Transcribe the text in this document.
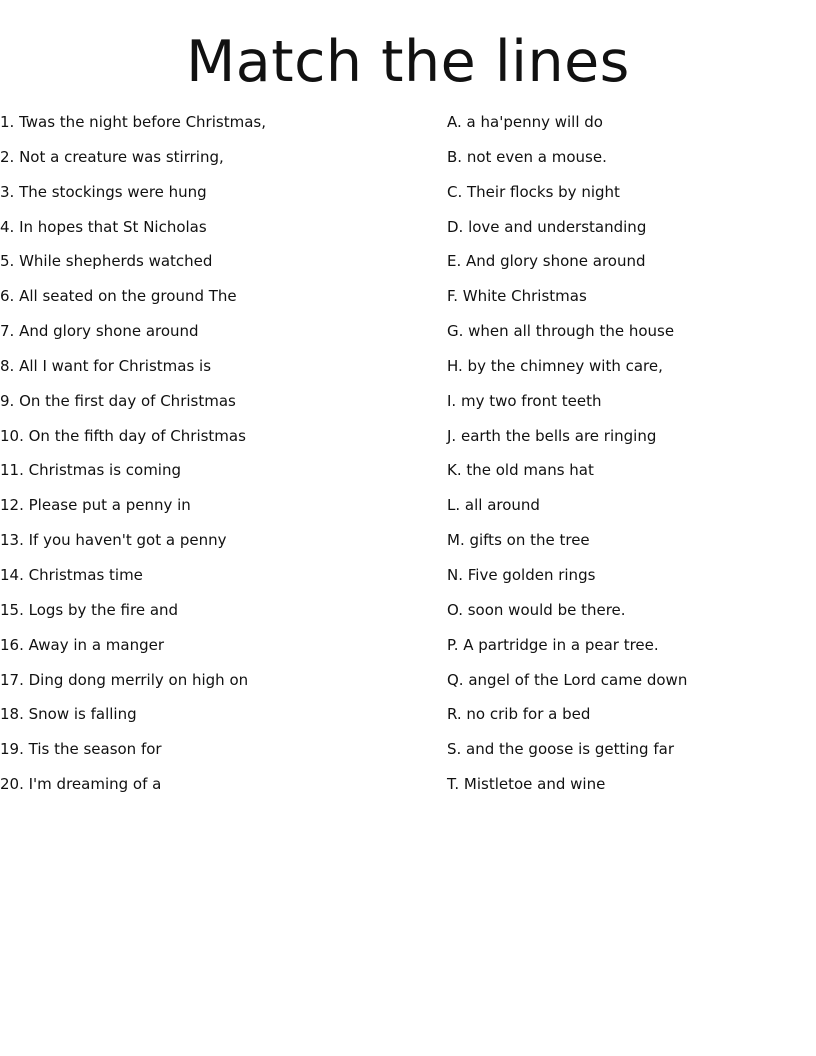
Match the lines
1. Twas the night before Christmas,
2. Not a creature was stirring,
3. The stockings were hung
4. In hopes that St Nicholas
5. While shepherds watched
6. All seated on the ground The
7. And glory shone around
8. All I want for Christmas is
9. On the first day of Christmas
10. On the fifth day of Christmas
11. Christmas is coming
12. Please put a penny in
13. If you haven't got a penny
14. Christmas time
15. Logs by the fire and
16. Away in a manger
17. Ding dong merrily on high on
18. Snow is falling
19. Tis the season for
20. I'm dreaming of a
A. a ha'penny will do
B. not even a mouse.
C. Their flocks by night
D. love and understanding
E. And glory shone around
F. White Christmas
G. when all through the house
H. by the chimney with care,
I. my two front teeth
J. earth the bells are ringing
K. the old mans hat
L. all around
M. gifts on the tree
N. Five golden rings
O. soon would be there.
P. A partridge in a pear tree.
Q. angel of the Lord came down
R. no crib for a bed
S. and the goose is getting far
T. Mistletoe and wine
